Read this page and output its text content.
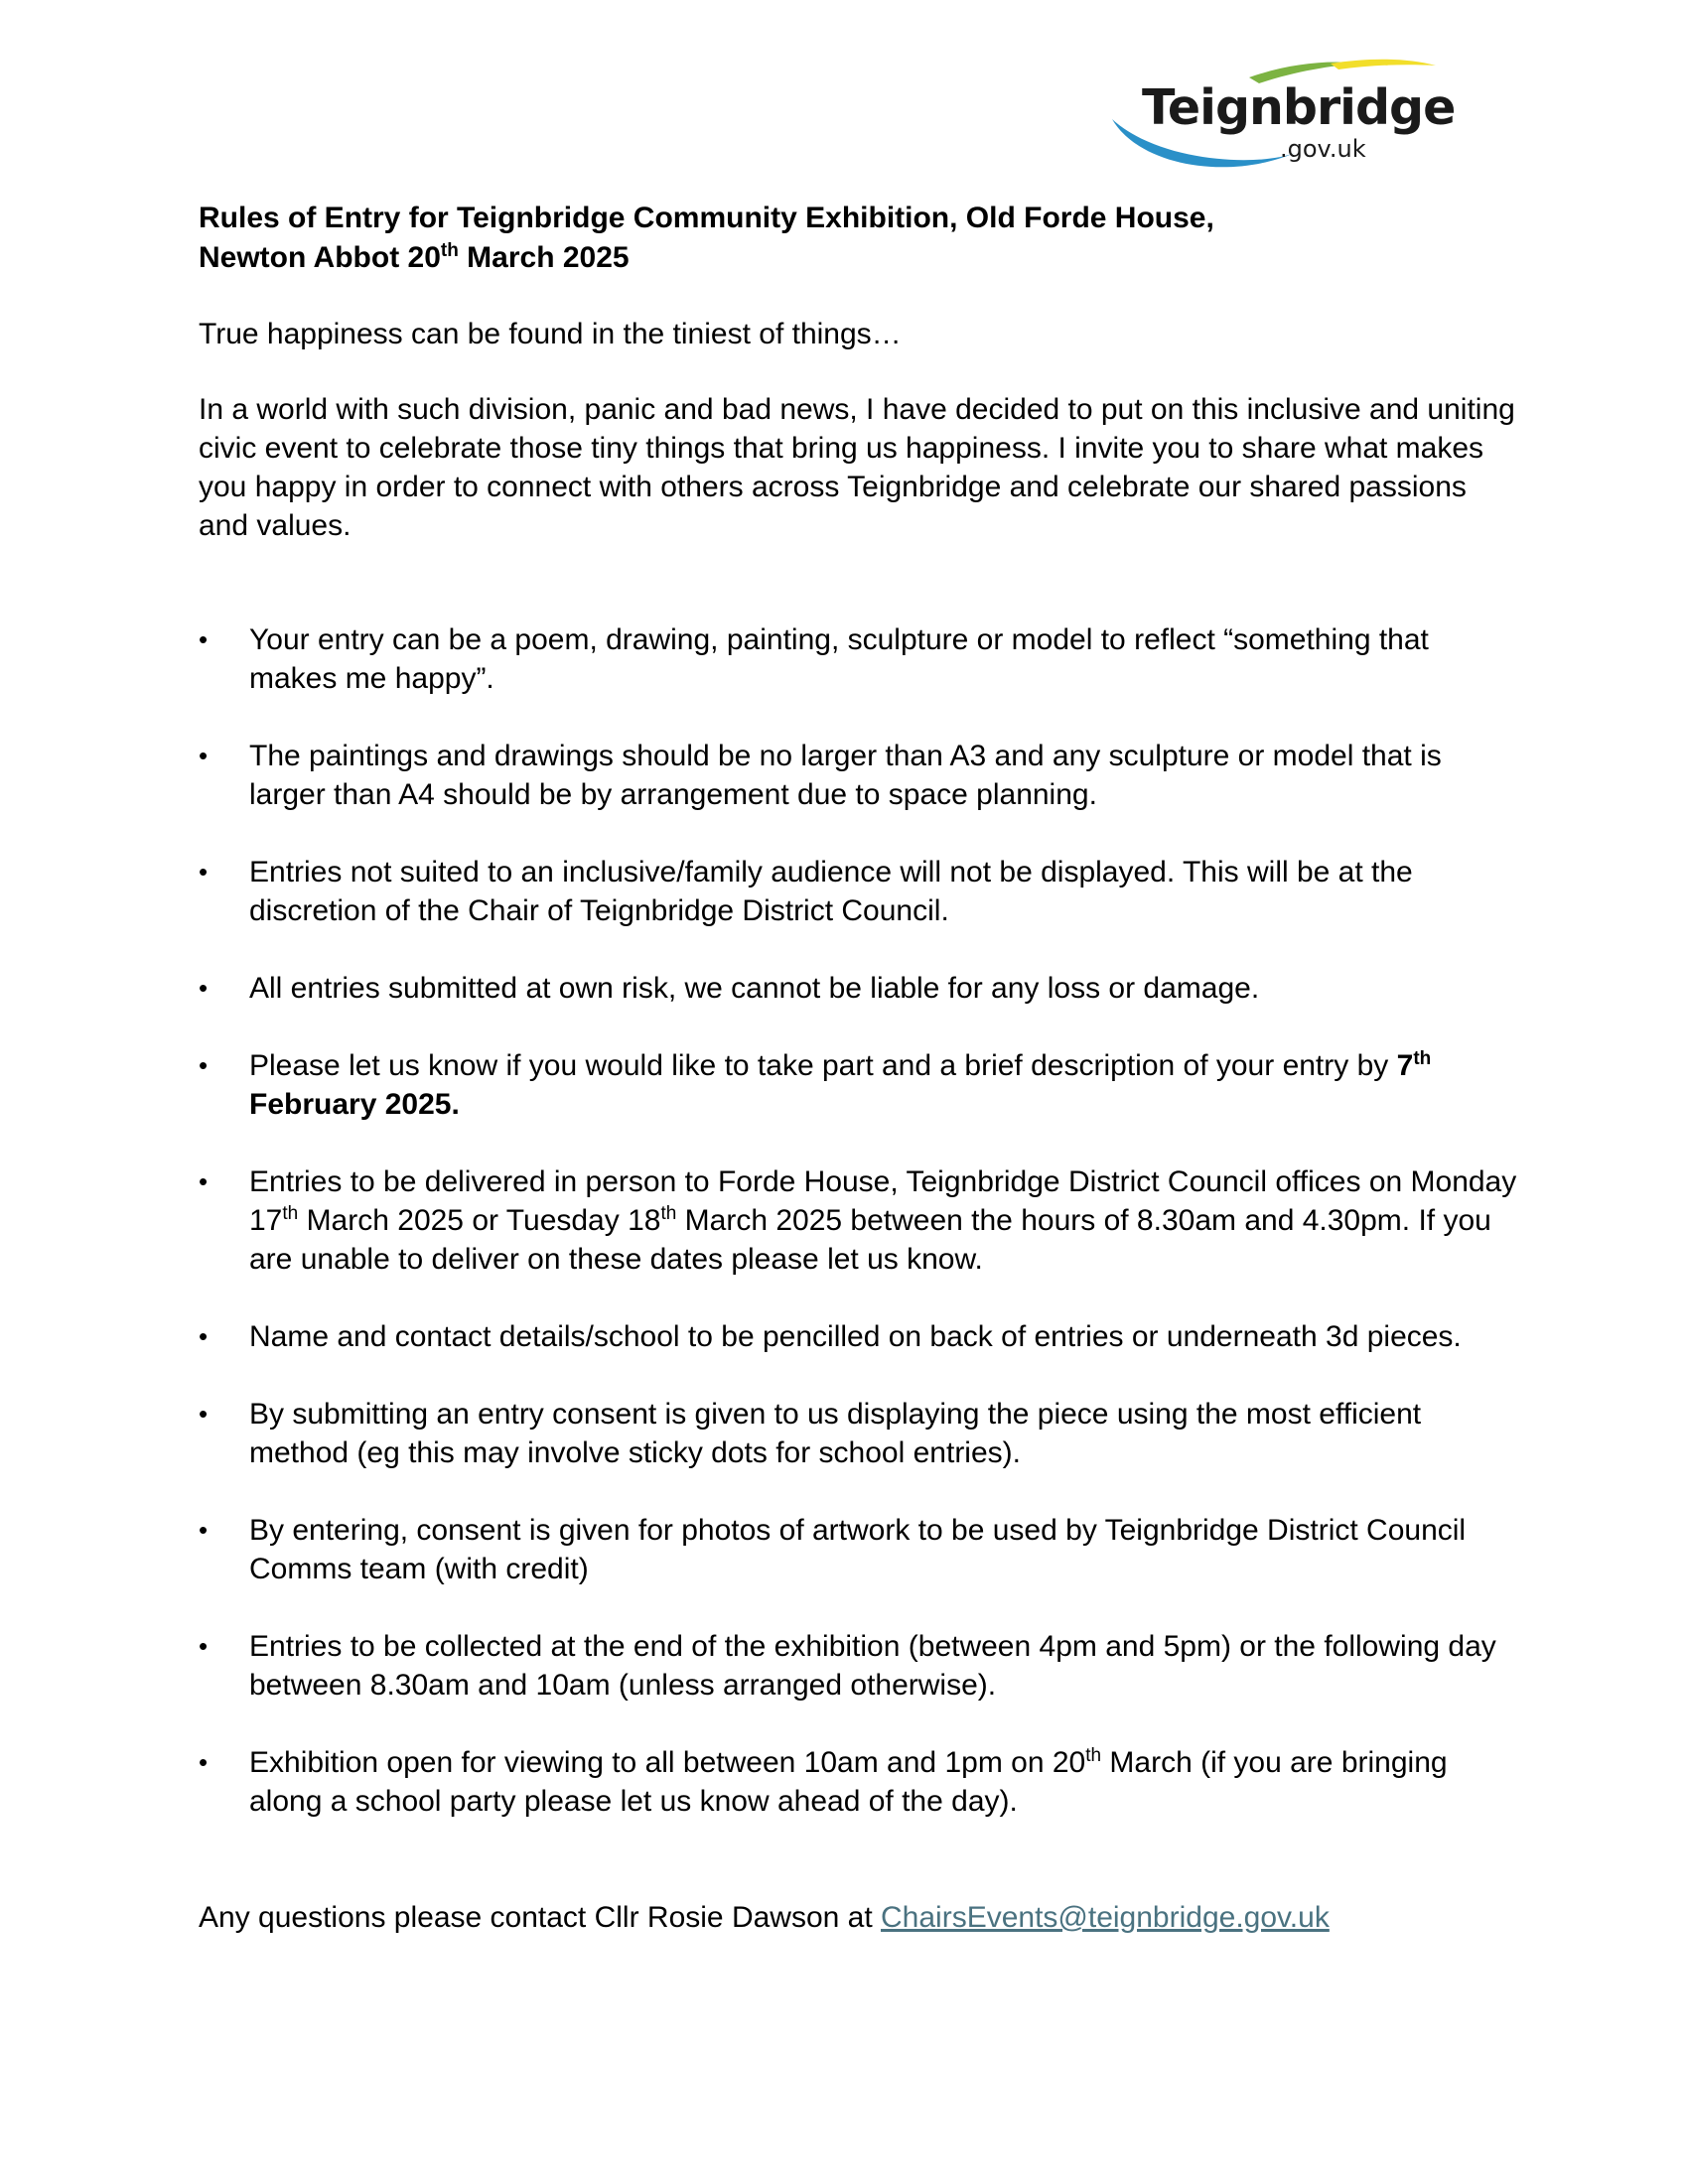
Teignbridge
.gov.uk
Rules of Entry for Teignbridge Community Exhibition, Old Forde House,
Newton Abbot 20th March 2025

True happiness can be found in the tiniest of things…

In a world with such division, panic and bad news, I have decided to put on this inclusive and uniting civic event to celebrate those tiny things that bring us happiness. I invite you to share what makes you happy in order to connect with others across Teignbridge and celebrate our shared passions and values.

• Your entry can be a poem, drawing, painting, sculpture or model to reflect “something that makes me happy”.
• The paintings and drawings should be no larger than A3 and any sculpture or model that is larger than A4 should be by arrangement due to space planning.
• Entries not suited to an inclusive/family audience will not be displayed. This will be at the discretion of the Chair of Teignbridge District Council.
• All entries submitted at own risk, we cannot be liable for any loss or damage.
• Please let us know if you would like to take part and a brief description of your entry by 7th February 2025.
• Entries to be delivered in person to Forde House, Teignbridge District Council offices on Monday 17th March 2025 or Tuesday 18th March 2025 between the hours of 8.30am and 4.30pm. If you are unable to deliver on these dates please let us know.
• Name and contact details/school to be pencilled on back of entries or underneath 3d pieces.
• By submitting an entry consent is given to us displaying the piece using the most efficient method (eg this may involve sticky dots for school entries).
• By entering, consent is given for photos of artwork to be used by Teignbridge District Council Comms team (with credit)
• Entries to be collected at the end of the exhibition (between 4pm and 5pm) or the following day between 8.30am and 10am (unless arranged otherwise).
• Exhibition open for viewing to all between 10am and 1pm on 20th March (if you are bringing along a school party please let us know ahead of the day).

Any questions please contact Cllr Rosie Dawson at ChairsEvents@teignbridge.gov.uk
